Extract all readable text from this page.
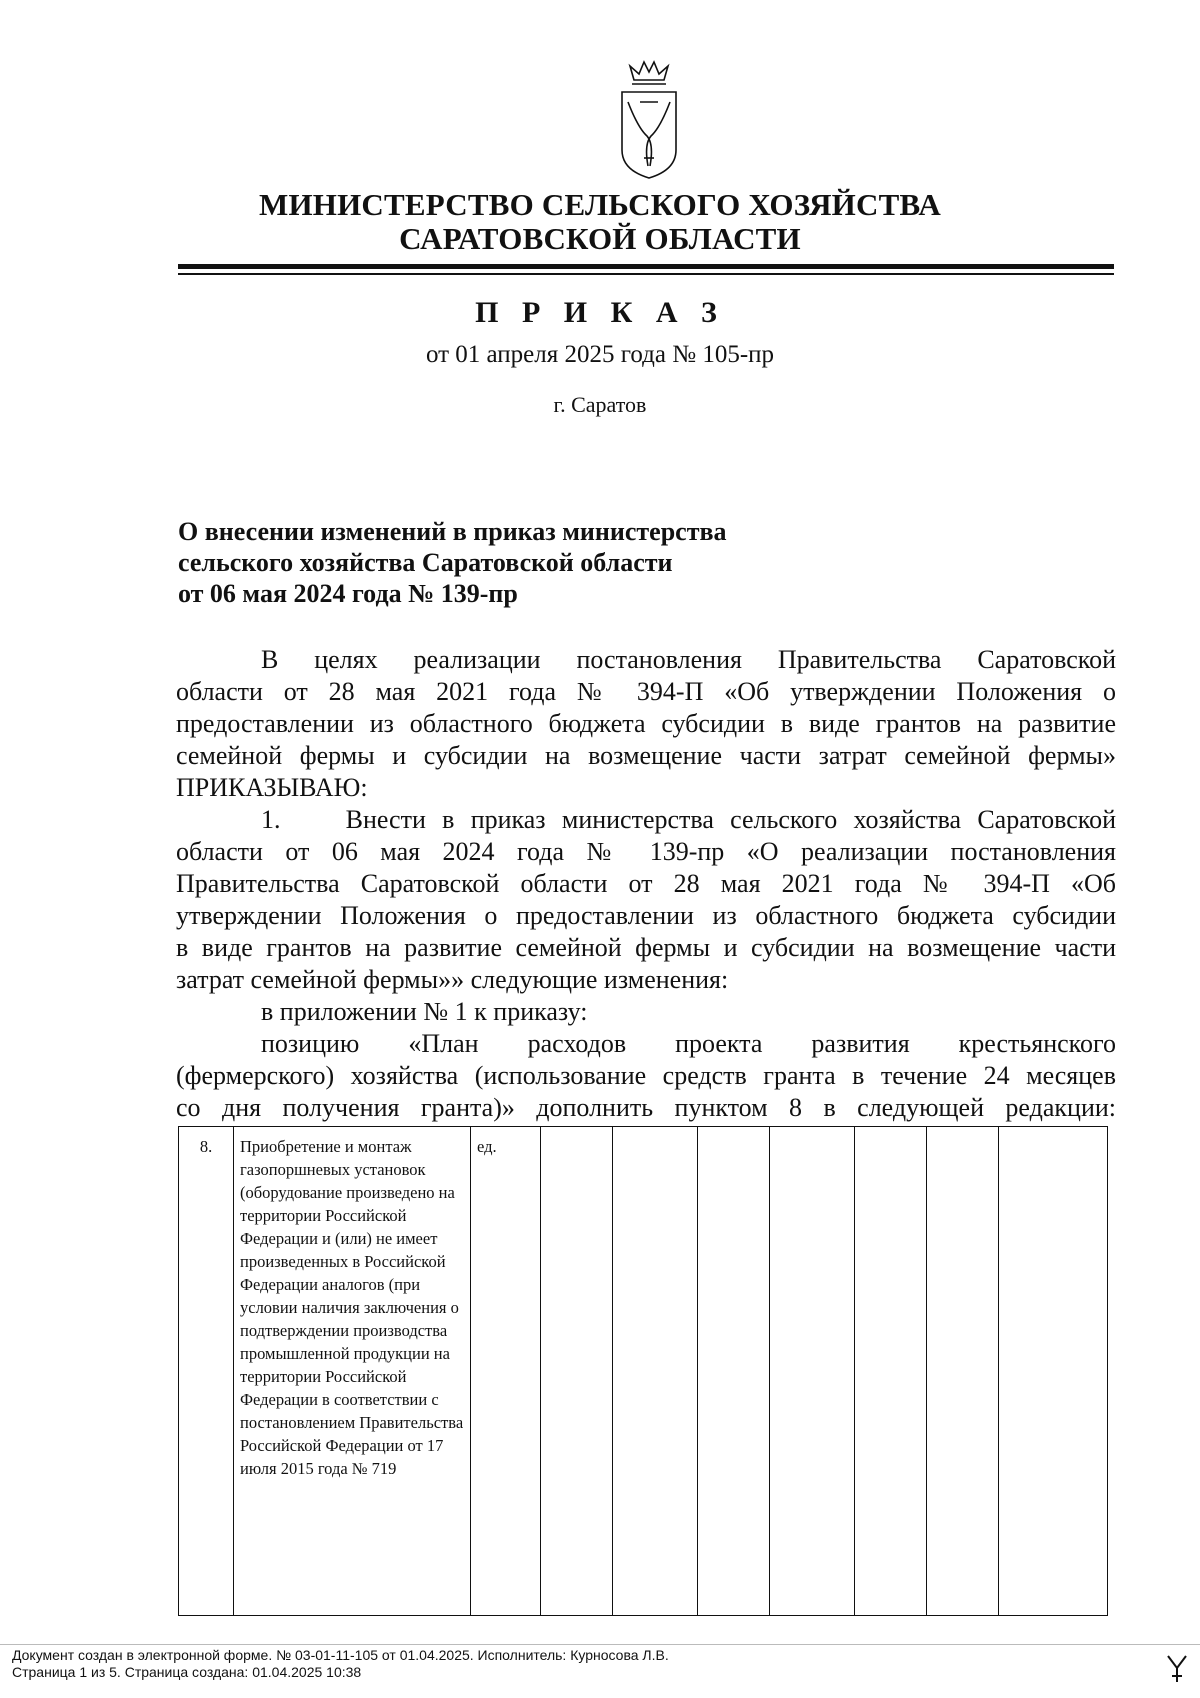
МИНИСТЕРСТВО СЕЛЬСКОГО ХОЗЯЙСТВА
САРАТОВСКОЙ ОБЛАСТИ
П Р И К А З
от 01 апреля 2025 года № 105-пр
г. Саратов
О внесении изменений в приказ министерства
сельского хозяйства Саратовской области
от 06 мая 2024 года № 139-пр
В целях реализации постановления Правительства Саратовской
области от 28 мая 2021 года № 394-П «Об утверждении Положения о
предоставлении из областного бюджета субсидии в виде грантов на развитие
семейной фермы и субсидии на возмещение части затрат семейной фермы»
ПРИКАЗЫВАЮ:
1.    Внести в приказ министерства сельского хозяйства Саратовской
области от 06 мая 2024 года № 139-пр «О реализации постановления
Правительства Саратовской области от 28 мая 2021 года № 394-П «Об
утверждении Положения о предоставлении из областного бюджета субсидии
в виде грантов на развитие семейной фермы и субсидии на возмещение части
затрат семейной фермы»» следующие изменения:
в приложении № 1 к приказу:
позицию «План расходов проекта развития крестьянского
(фермерского) хозяйства (использование средств гранта в течение 24 месяцев
со дня получения гранта)» дополнить пунктом 8 в следующей редакции:
8.	Приобретение и монтаж газопоршневых установок (оборудование произведено на территории Российской Федерации и (или) не имеет произведенных в Российской Федерации аналогов (при условии наличия заключения о подтверждении производства промышленной продукции на территории Российской Федерации в соответствии с постановлением Правительства Российской Федерации от 17 июля 2015 года № 719	ед.							
Документ создан в электронной форме. № 03-01-11-105 от 01.04.2025. Исполнитель: Курносова Л.В.
Страница 1 из 5. Страница создана: 01.04.2025 10:38
